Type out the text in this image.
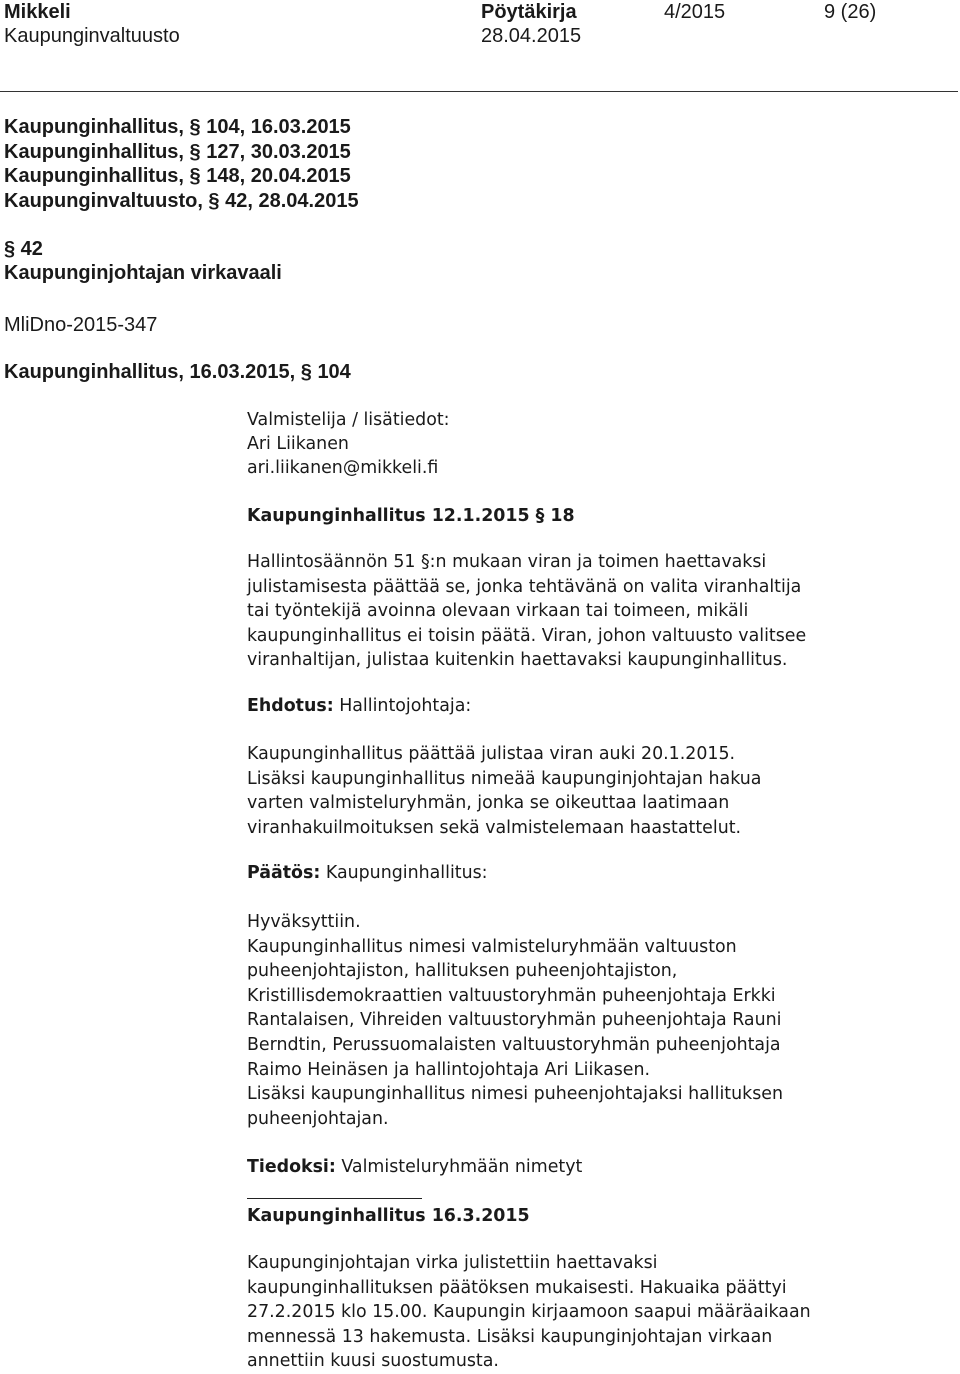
Mikkeli	Pöytäkirja	4/2015	9 (26)
Kaupunginvaltuusto	28.04.2015
Kaupunginhallitus, § 104, 16.03.2015
Kaupunginhallitus, § 127, 30.03.2015
Kaupunginhallitus, § 148, 20.04.2015
Kaupunginvaltuusto, § 42, 28.04.2015
§ 42
Kaupunginjohtajan virkavaali
MliDno-2015-347
Kaupunginhallitus, 16.03.2015, § 104
Valmistelija / lisätiedot:
Ari Liikanen
ari.liikanen@mikkeli.fi
Kaupunginhallitus 12.1.2015 § 18
Hallintosäännön 51 §:n mukaan viran ja toimen haettavaksi
julistamisesta päättää se, jonka tehtävänä on valita viranhaltija
tai työntekijä avoinna olevaan virkaan tai toimeen, mikäli
kaupunginhallitus ei toisin päätä. Viran, johon valtuusto valitsee
viranhaltijan, julistaa kuitenkin haettavaksi kaupunginhallitus.
Ehdotus: Hallintojohtaja:
Kaupunginhallitus päättää julistaa viran auki 20.1.2015.
Lisäksi kaupunginhallitus nimeää kaupunginjohtajan hakua
varten valmisteluryhmän, jonka se oikeuttaa laatimaan
viranhakuilmoituksen sekä valmistelemaan haastattelut.
Päätös: Kaupunginhallitus:
Hyväksyttiin.
Kaupunginhallitus nimesi valmisteluryhmään valtuuston
puheenjohtajiston, hallituksen puheenjohtajiston,
Kristillisdemokraattien valtuustoryhmän puheenjohtaja Erkki
Rantalaisen, Vihreiden valtuustoryhmän puheenjohtaja Rauni
Berndtin, Perussuomalaisten valtuustoryhmän puheenjohtaja
Raimo Heinäsen ja hallintojohtaja Ari Liikasen.
Lisäksi kaupunginhallitus nimesi puheenjohtajaksi hallituksen
puheenjohtajan.
Tiedoksi: Valmisteluryhmään nimetyt
Kaupunginhallitus 16.3.2015
Kaupunginjohtajan virka julistettiin haettavaksi
kaupunginhallituksen päätöksen mukaisesti. Hakuaika päättyi
27.2.2015 klo 15.00. Kaupungin kirjaamoon saapui määräaikaan
mennessä 13 hakemusta. Lisäksi kaupunginjohtajan virkaan
annettiin kuusi suostumusta.
